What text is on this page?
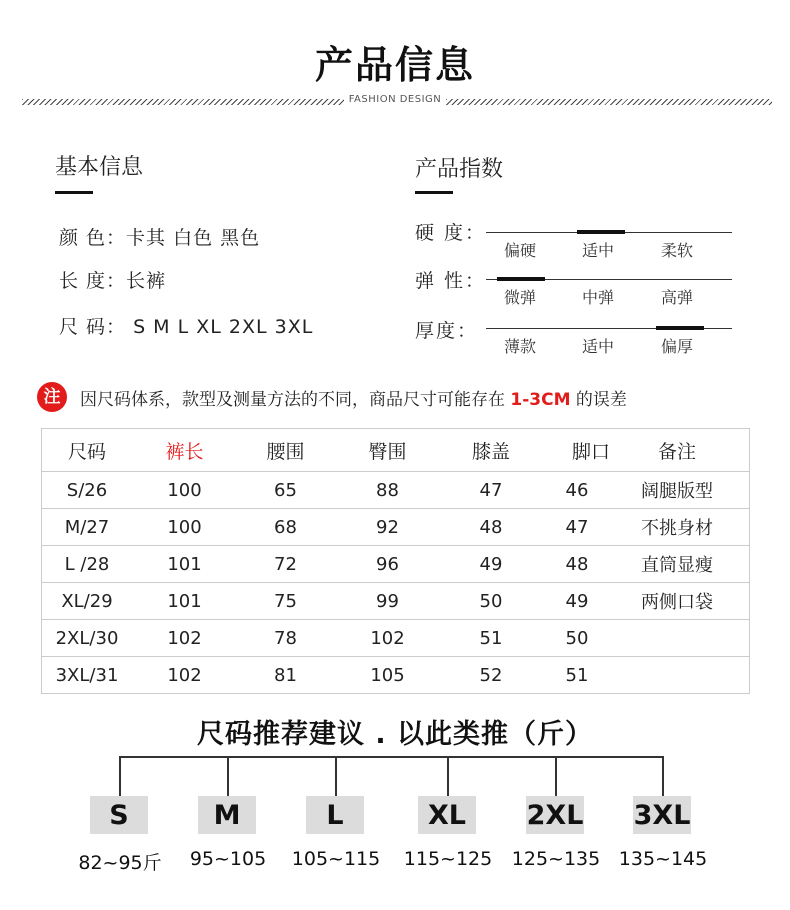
产品信息
FASHION DESIGN
基本信息
颜 色：卡其 白色 黑色
长 度：长裤
尺 码： S M L XL 2XL 3XL
产品指数
硬 度：
偏硬	适中	柔软
弹 性：
微弹	中弹	高弹
厚度：
薄款	适中	偏厚
注	因尺码体系，款型及测量方法的不同，商品尺寸可能存在 1-3CM 的误差
尺码	裤长	腰围	臀围	膝盖	脚口	备注
S/26	100	65	88	47	46	阔腿版型
M/27	100	68	92	48	47	不挑身材
L /28	101	72	96	49	48	直筒显瘦
XL/29	101	75	99	50	49	两侧口袋
2XL/30	102	78	102	51	50
3XL/31	102	81	105	52	51
尺码推荐建议 . 以此类推（斤）
S	M	L	XL	2XL 3XL
82~95斤	95~105	105~115	115~125	125~135 135~145
